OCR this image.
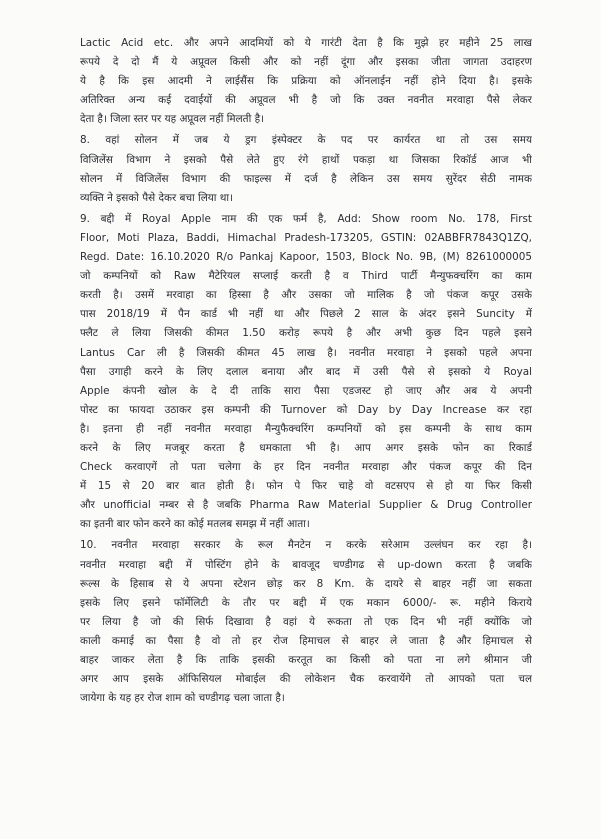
Lactic Acid etc. और अपने आदमियों को ये गारंटी देता है कि मुझे हर महीने 25 लाख
रूपये दे दो मैं ये अप्रूवल किसी और को नहीं दूंगा और इसका जीता जागता उदाहरण
ये है कि इस आदमी ने लाईसैंस कि प्रक्रिया को ऑनलाईन नहीं होने दिया है। इसके
अतिरिक्त अन्य कई दवाईयों की अप्रूवल भी है जो कि उक्त नवनीत मरवाहा पैसे लेकर
देता है। जिला स्तर पर यह अप्रूवल नहीं मिलती है।
8. वहां सोलन में जब ये ड्रग इंस्पेक्टर के पद पर कार्यरत था तो उस समय
विजिलेंस विभाग ने इसको पैसे लेते हुए रंगे हाथों पकड़ा था जिसका रिकॉर्ड आज भी
सोलन में विजिलेंस विभाग की फाइल्स में दर्ज है लेकिन उस समय सुरेंदर सेठी नामक
व्यक्ति ने इसको पैसे देकर बचा लिया था।
9. बद्दी में Royal Apple नाम की एक फर्म है, Add: Show room No. 178, First
Floor, Moti Plaza, Baddi, Himachal Pradesh-173205, GSTIN: 02ABBFR7843Q1ZQ,
Regd. Date: 16.10.2020 R/o Pankaj Kapoor, 1503, Block No. 9B, (M) 8261000005
जो कम्पनियों को Raw मैटेरियल सप्लाई करती है व Third पार्टी मैन्युफक्चरिंग का काम
करती है। उसमें मरवाहा का हिस्सा है और उसका जो मालिक है जो पंकज कपूर उसके
पास 2018/19 में पैन कार्ड भी नहीं था और पिछले 2 साल के अंदर इसने Suncity में
फ्लैट ले लिया जिसकी कीमत 1.50 करोड़ रूपये है और अभी कुछ दिन पहले इसने
Lantus Car ली है जिसकी कीमत 45 लाख है। नवनीत मरवाहा ने इसको पहले अपना
पैसा उगाही करने के लिए दलाल बनाया और बाद में उसी पैसे से इसको ये Royal
Apple कंपनी खोल के दे दी ताकि सारा पैसा एडजस्ट हो जाए और अब ये अपनी
पोस्ट का फायदा उठाकर इस कम्पनी की Turnover को Day by Day Increase कर रहा
है। इतना ही नहीं नवनीत मरवाहा मैन्युफैक्चरिंग कम्पनियों को इस कम्पनी के साथ काम
करने के लिए मजबूर करता है धमकाता भी है। आप अगर इसके फोन का रिकार्ड
Check करवाएगें तो पता चलेगा के हर दिन नवनीत मरवाहा और पंकज कपूर की दिन
में 15 से 20 बार बात होती है। फोन पे फिर चाहे वो वटसएप से हो या फिर किसी
और unofficial नम्बर से है जबकि Pharma Raw Material Supplier & Drug Controller
का इतनी बार फोन करने का कोई मतलब समझ में नहीं आता।
10. नवनीत मरवाहा सरकार के रूल मैनटेन न करके सरेआम उल्लंघन कर रहा है।
नवनीत मरवाहा बद्दी में पोस्टिंग होने के बावजूद चण्डीगढ से up-down करता है जबकि
रूल्स के हिसाब से ये अपना स्टेशन छोड़ कर 8 Km. के दायरे से बाहर नहीं जा सकता
इसके लिए इसने फॉर्मेलिटी के तौर पर बद्दी में एक मकान 6000/- रू. महीने किराये
पर लिया है जो की सिर्फ दिखावा है वहां ये रूकता तो एक दिन भी नहीं क्योंकि जो
काली कमाई का पैसा है वो तो हर रोज हिमाचल से बाहर ले जाता है और हिमाचल से
बाहर जाकर लेता है कि ताकि इसकी करतूत का किसी को पता ना लगे श्रीमान जी
अगर आप इसके ऑफिसियल मोबाईल की लोकेशन चैक करवायेंगे तो आपको पता चल
जायेगा के यह हर रोज शाम को चण्डीगढ़ चला जाता है।
